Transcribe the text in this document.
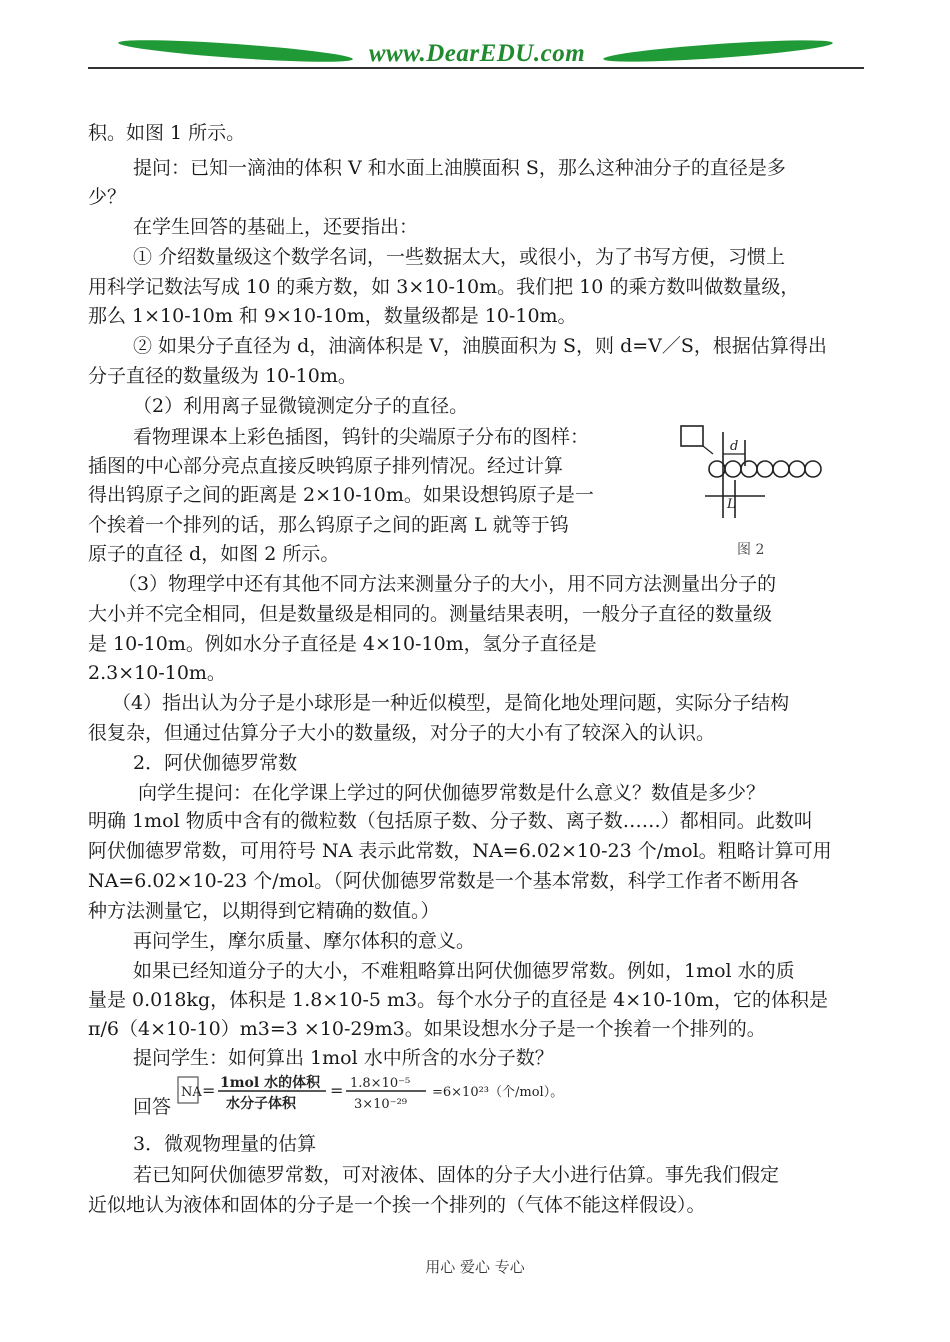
www.DearEDU.com
积。如图 1 所示。
提问：已知一滴油的体积 V 和水面上油膜面积 S，那么这种油分子的直径是多
少？
在学生回答的基础上，还要指出：
① 介绍数量级这个数学名词，一些数据太大，或很小，为了书写方便，习惯上
用科学记数法写成 10 的乘方数，如 3×10-10m。我们把 10 的乘方数叫做数量级，
那么 1×10-10m 和 9×10-10m，数量级都是 10-10m。
② 如果分子直径为 d，油滴体积是 V，油膜面积为 S，则 d=V／S，根据估算得出
分子直径的数量级为 10-10m。
（2）利用离子显微镜测定分子的直径。
看物理课本上彩色插图，钨针的尖端原子分布的图样：
插图的中心部分亮点直接反映钨原子排列情况。经过计算
得出钨原子之间的距离是 2×10-10m。如果设想钨原子是一
个挨着一个排列的话，那么钨原子之间的距离 L 就等于钨
原子的直径 d，如图 2 所示。
（3）物理学中还有其他不同方法来测量分子的大小，用不同方法测量出分子的
大小并不完全相同，但是数量级是相同的。测量结果表明，一般分子直径的数量级
是 10-10m。例如水分子直径是 4×10-10m，氢分子直径是
2.3×10-10m。
（4）指出认为分子是小球形是一种近似模型，是简化地处理问题，实际分子结构
很复杂，但通过估算分子大小的数量级，对分子的大小有了较深入的认识。
2．阿伏伽德罗常数
向学生提问：在化学课上学过的阿伏伽德罗常数是什么意义？数值是多少？
明确 1mol 物质中含有的微粒数（包括原子数、分子数、离子数……）都相同。此数叫
阿伏伽德罗常数，可用符号 NA 表示此常数，NA=6.02×10-23 个/mol。粗略计算可用
NA=6.02×10-23 个/mol。（阿伏伽德罗常数是一个基本常数，科学工作者不断用各
种方法测量它，以期得到它精确的数值。）
再问学生，摩尔质量、摩尔体积的意义。
如果已经知道分子的大小，不难粗略算出阿伏伽德罗常数。例如，1mol 水的质
量是 0.018kg，体积是 1.8×10-5 m3。每个水分子的直径是 4×10-10m，它的体积是
π/6（4×10-10）m3=3 ×10-29m3。如果设想水分子是一个挨着一个排列的。
提问学生：如何算出 1mol 水中所含的水分子数？
回答
3．微观物理量的估算
若已知阿伏伽德罗常数，可对液体、固体的分子大小进行估算。事先我们假定
近似地认为液体和固体的分子是一个挨一个排列的（气体不能这样假设）。
d
L
图 2
NA = 1mol 水的体积
水分子体积
= 1.8×10⁻⁵
3×10⁻²⁹
=6×10²³（个/mol）。
用心 爱心 专心
